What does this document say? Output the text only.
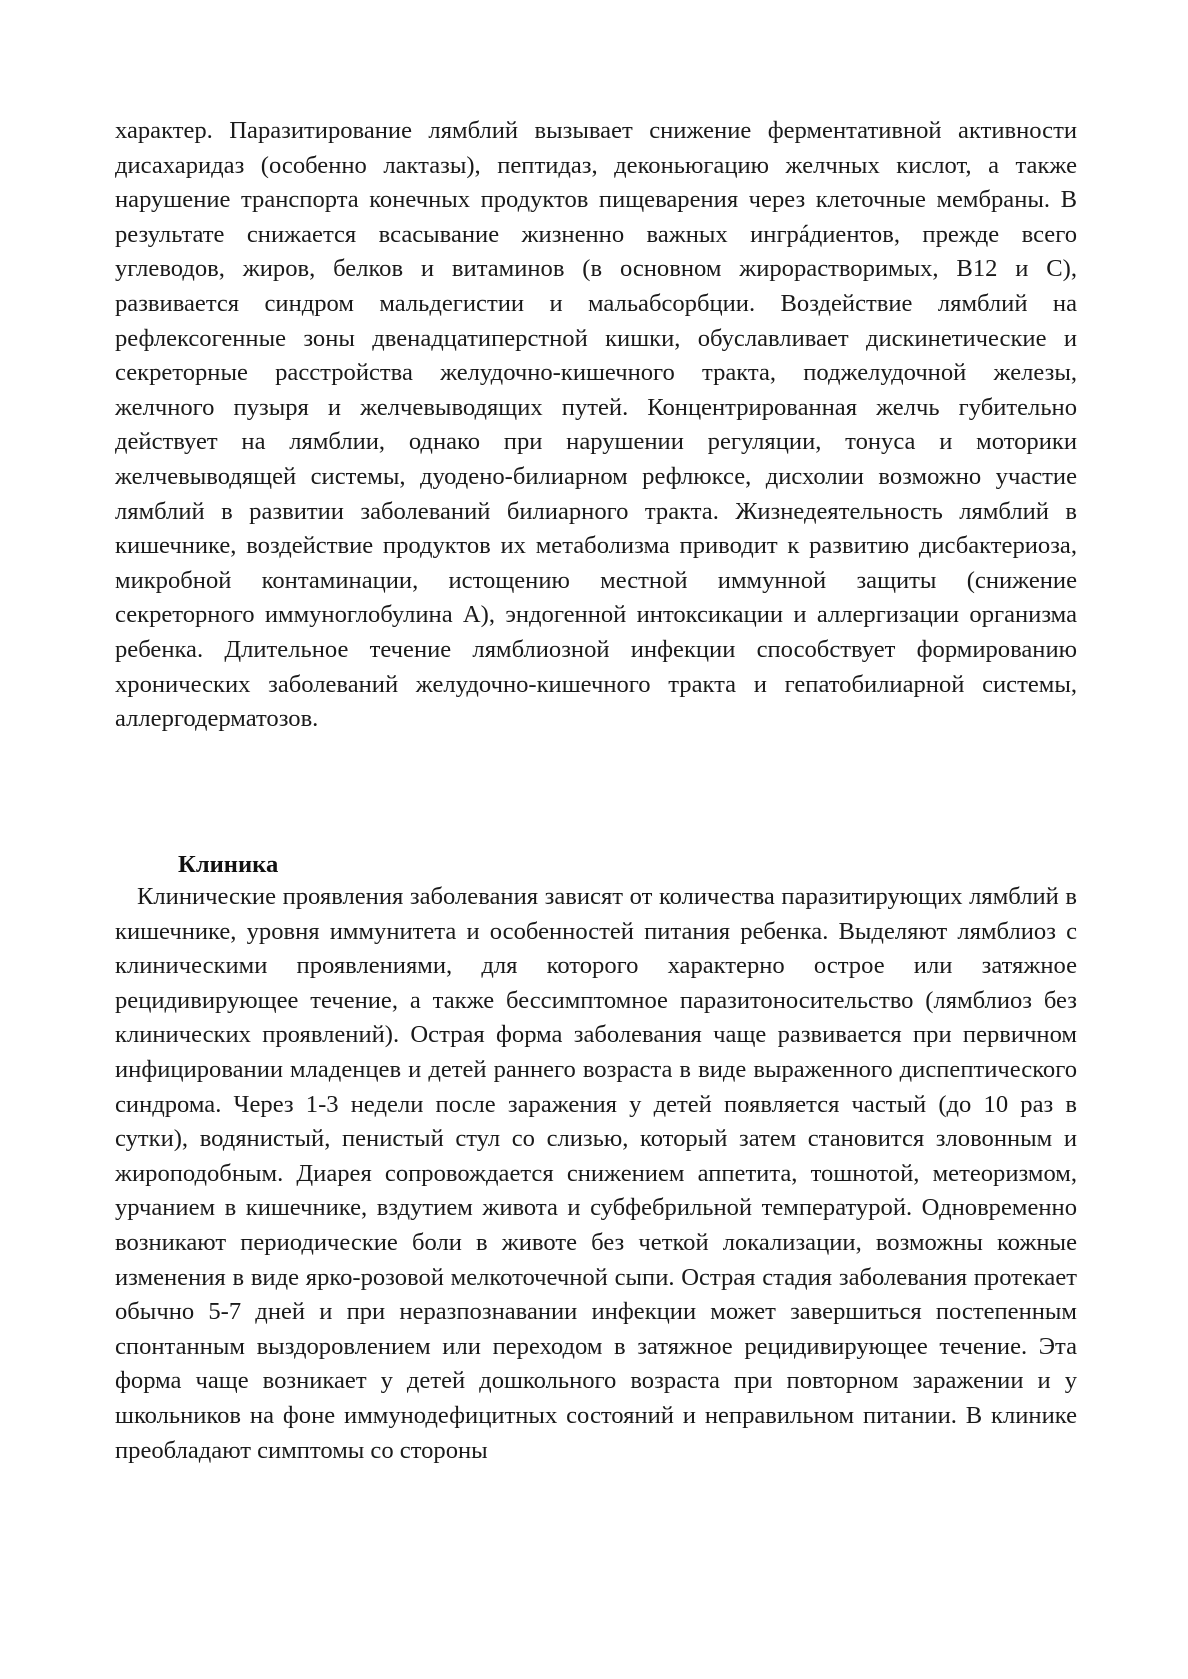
характер. Паразитирование лямблий вызывает снижение ферментативной активности дисахаридаз (особенно лактазы), пептидаз, деконьюгацию желчных кислот, а также нарушение транспорта конечных продуктов пищеварения через клеточные мембраны. В результате снижается всасывание жизненно важных ингрáдиентов, прежде всего углеводов, жиров, белков и витаминов (в основном жирорастворимых, В12 и С), развивается синдром мальдегистии и мальабсорбции. Воздействие лямблий на рефлексогенные зоны двенадцатиперстной кишки, обуславливает дискинетические и секреторные расстройства желудочно-кишечного тракта, поджелудочной железы, желчного пузыря и желчевыводящих путей. Концентрированная желчь губительно действует на лямблии, однако при нарушении регуляции, тонуса и моторики желчевыводящей системы, дуодено-билиарном рефлюксе, дисхолии возможно участие лямблий в развитии заболеваний билиарного тракта. Жизнедеятельность лямблий в кишечнике, воздействие продуктов их метаболизма приводит к развитию дисбактериоза, микробной контаминации, истощению местной иммунной защиты (снижение секреторного иммуноглобулина А), эндогенной интоксикации и аллергизации организма ребенка. Длительное течение лямблиозной инфекции способствует формированию хронических заболеваний желудочно-кишечного тракта и гепатобилиарной системы, аллергодерматозов.

Клиника

Клинические проявления заболевания зависят от количества паразитирующих лямблий в кишечнике, уровня иммунитета и особенностей питания ребенка. Выделяют лямблиоз с клиническими проявлениями, для которого характерно острое или затяжное рецидивирующее течение, а также бессимптомное паразитоносительство (лямблиоз без клинических проявлений). Острая форма заболевания чаще развивается при первичном инфицировании младенцев и детей раннего возраста в виде выраженного диспептического синдрома. Через 1-3 недели после заражения у детей появляется частый (до 10 раз в сутки), водянистый, пенистый стул со слизью, который затем становится зловонным и жироподобным. Диарея сопровождается снижением аппетита, тошнотой, метеоризмом, урчанием в кишечнике, вздутием живота и субфебрильной температурой. Одновременно возникают периодические боли в животе без четкой локализации, возможны кожные изменения в виде ярко-розовой мелкоточечной сыпи. Острая стадия заболевания протекает обычно 5-7 дней и при неразпознавании инфекции может завершиться постепенным спонтанным выздоровлением или переходом в затяжное рецидивирующее течение. Эта форма чаще возникает у детей дошкольного возраста при повторном заражении и у школьников на фоне иммунодефицитных состояний и неправильном питании. В клинике преобладают симптомы со стороны
